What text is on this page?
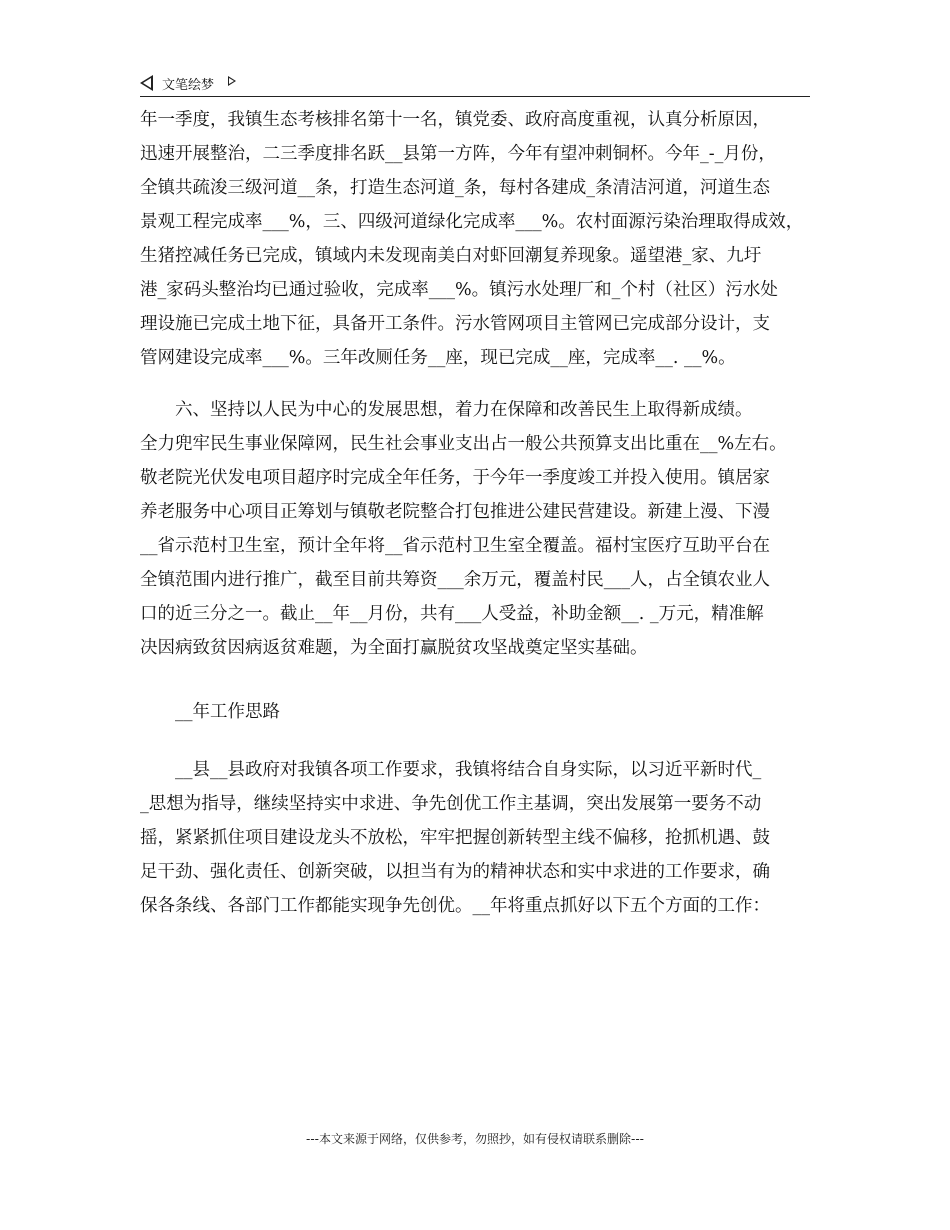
文笔绘梦
年一季度，我镇生态考核排名第十一名，镇党委、政府高度重视，认真分析原因，
迅速开展整治，二三季度排名跃__县第一方阵，今年有望冲刺铜杯。今年_-_月份，
全镇共疏浚三级河道__条，打造生态河道_条，每村各建成_条清洁河道，河道生态
景观工程完成率___%，三、四级河道绿化完成率___%。农村面源污染治理取得成效，
生猪控减任务已完成，镇域内未发现南美白对虾回潮复养现象。遥望港_家、九圩
港_家码头整治均已通过验收，完成率___%。镇污水处理厂和_个村（社区）污水处
理设施已完成土地下征，具备开工条件。污水管网项目主管网已完成部分设计，支
管网建设完成率___%。三年改厕任务__座，现已完成__座，完成率__. __%。
　　六、坚持以人民为中心的发展思想，着力在保障和改善民生上取得新成绩。
全力兜牢民生事业保障网，民生社会事业支出占一般公共预算支出比重在__%左右。
敬老院光伏发电项目超序时完成全年任务，于今年一季度竣工并投入使用。镇居家
养老服务中心项目正筹划与镇敬老院整合打包推进公建民营建设。新建上漫、下漫
__省示范村卫生室，预计全年将__省示范村卫生室全覆盖。福村宝医疗互助平台在
全镇范围内进行推广，截至目前共筹资___余万元，覆盖村民___人，占全镇农业人
口的近三分之一。截止__年__月份，共有___人受益，补助金额__. _万元，精准解
决因病致贫因病返贫难题，为全面打赢脱贫攻坚战奠定坚实基础。
　　__年工作思路
　　__县__县政府对我镇各项工作要求，我镇将结合自身实际，以习近平新时代_
_思想为指导，继续坚持实中求进、争先创优工作主基调，突出发展第一要务不动
摇，紧紧抓住项目建设龙头不放松，牢牢把握创新转型主线不偏移，抢抓机遇、鼓
足干劲、强化责任、创新突破，以担当有为的精神状态和实中求进的工作要求，确
保各条线、各部门工作都能实现争先创优。__年将重点抓好以下五个方面的工作：
---本文来源于网络，仅供参考，勿照抄，如有侵权请联系删除---
